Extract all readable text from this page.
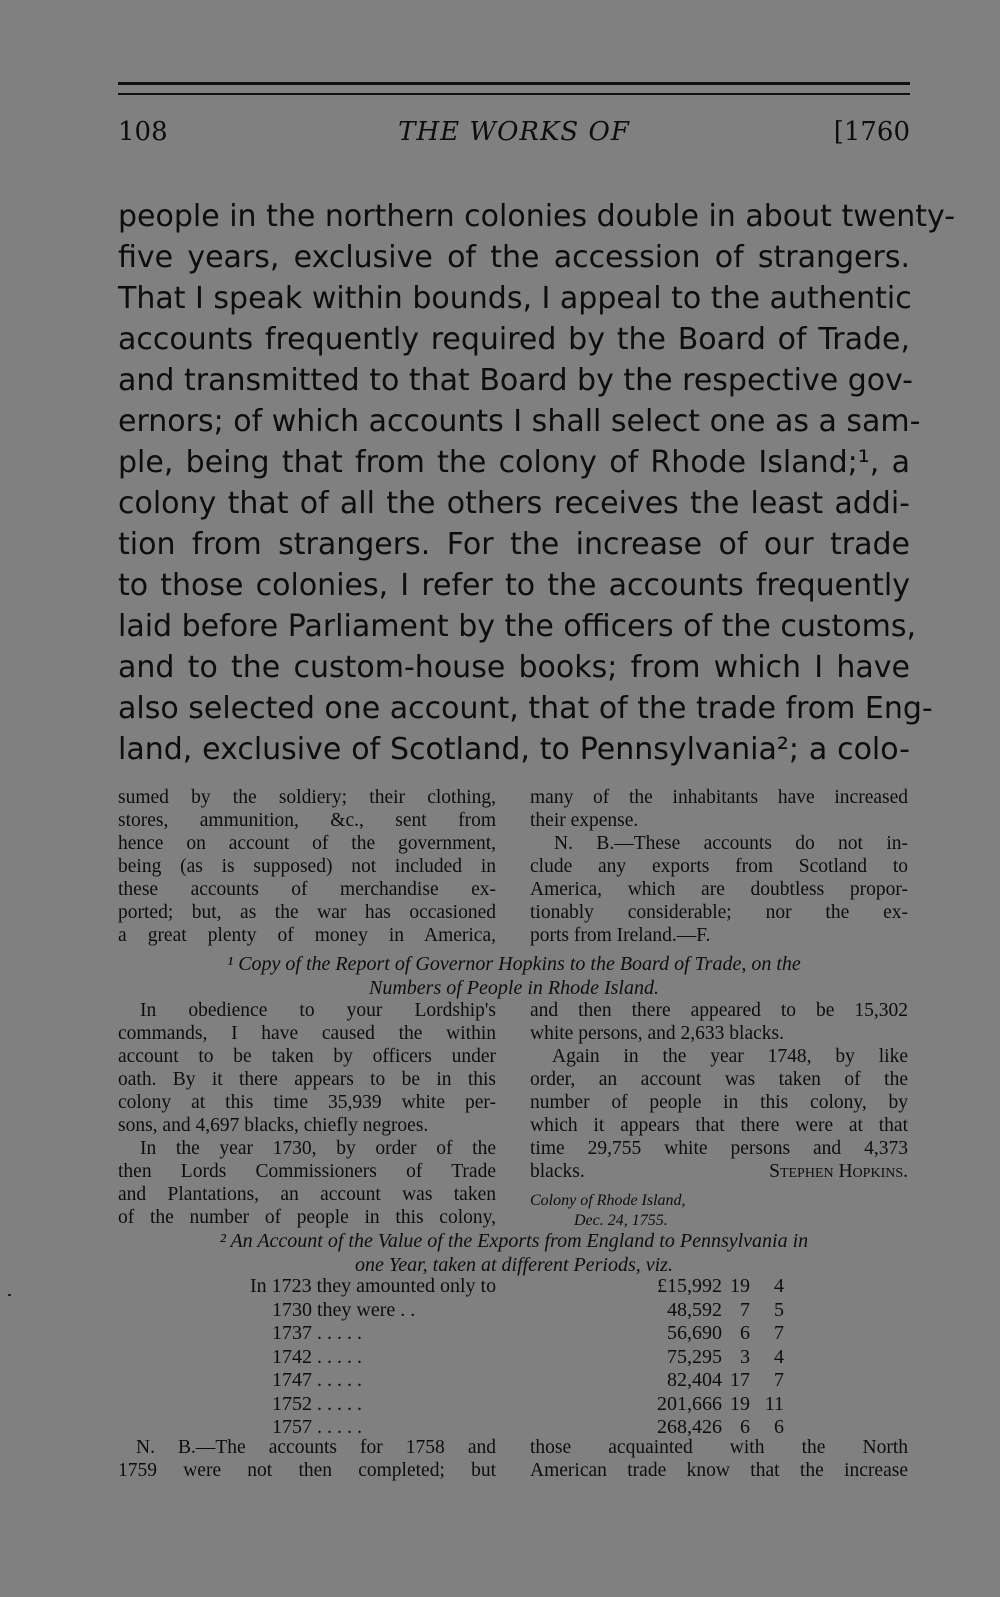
108	THE WORKS OF	[1760
people in the northern colonies double in about twenty-
five years, exclusive of the accession of strangers.
That I speak within bounds, I appeal to the authentic
accounts frequently required by the Board of Trade,
and transmitted to that Board by the respective gov-
ernors; of which accounts I shall select one as a sam-
ple, being that from the colony of Rhode Island;¹, a
colony that of all the others receives the least addi-
tion from strangers. For the increase of our trade
to those colonies, I refer to the accounts frequently
laid before Parliament by the officers of the customs,
and to the custom-house books; from which I have
also selected one account, that of the trade from Eng-
land, exclusive of Scotland, to Pennsylvania²; a colo-
sumed by the soldiery; their clothing,
stores, ammunition, &c., sent from
hence on account of the government,
being (as is supposed) not included in
these accounts of merchandise ex-
ported; but, as the war has occasioned
a great plenty of money in America,
many of the inhabitants have increased
their expense.
N. B.—These accounts do not in-
clude any exports from Scotland to
America, which are doubtless propor-
tionably considerable; nor the ex-
ports from Ireland.—F.
¹ Copy of the Report of Governor Hopkins to the Board of Trade, on the
Numbers of People in Rhode Island.
In obedience to your Lordship's
commands, I have caused the within
account to be taken by officers under
oath. By it there appears to be in this
colony at this time 35,939 white per-
sons, and 4,697 blacks, chiefly negroes.
In the year 1730, by order of the
then Lords Commissioners of Trade
and Plantations, an account was taken
of the number of people in this colony,
and then there appeared to be 15,302
white persons, and 2,633 blacks.
Again in the year 1748, by like
order, an account was taken of the
number of people in this colony, by
which it appears that there were at that
time 29,755 white persons and 4,373
blacks.	Stephen Hopkins.
Colony of Rhode Island,
Dec. 24, 1755.
² An Account of the Value of the Exports from England to Pennsylvania in
one Year, taken at different Periods, viz.
In 1723 they amounted only to	£15,992	19	4
1730 they were . .	48,592	7	5
1737 . . . . .	56,690	6	7
1742 . . . . .	75,295	3	4
1747 . . . . .	82,404	17	7
1752 . . . . .	201,666	19	11
1757 . . . . .	268,426	6	6
N. B.—The accounts for 1758 and
1759 were not then completed; but
those acquainted with the North
American trade know that the increase
